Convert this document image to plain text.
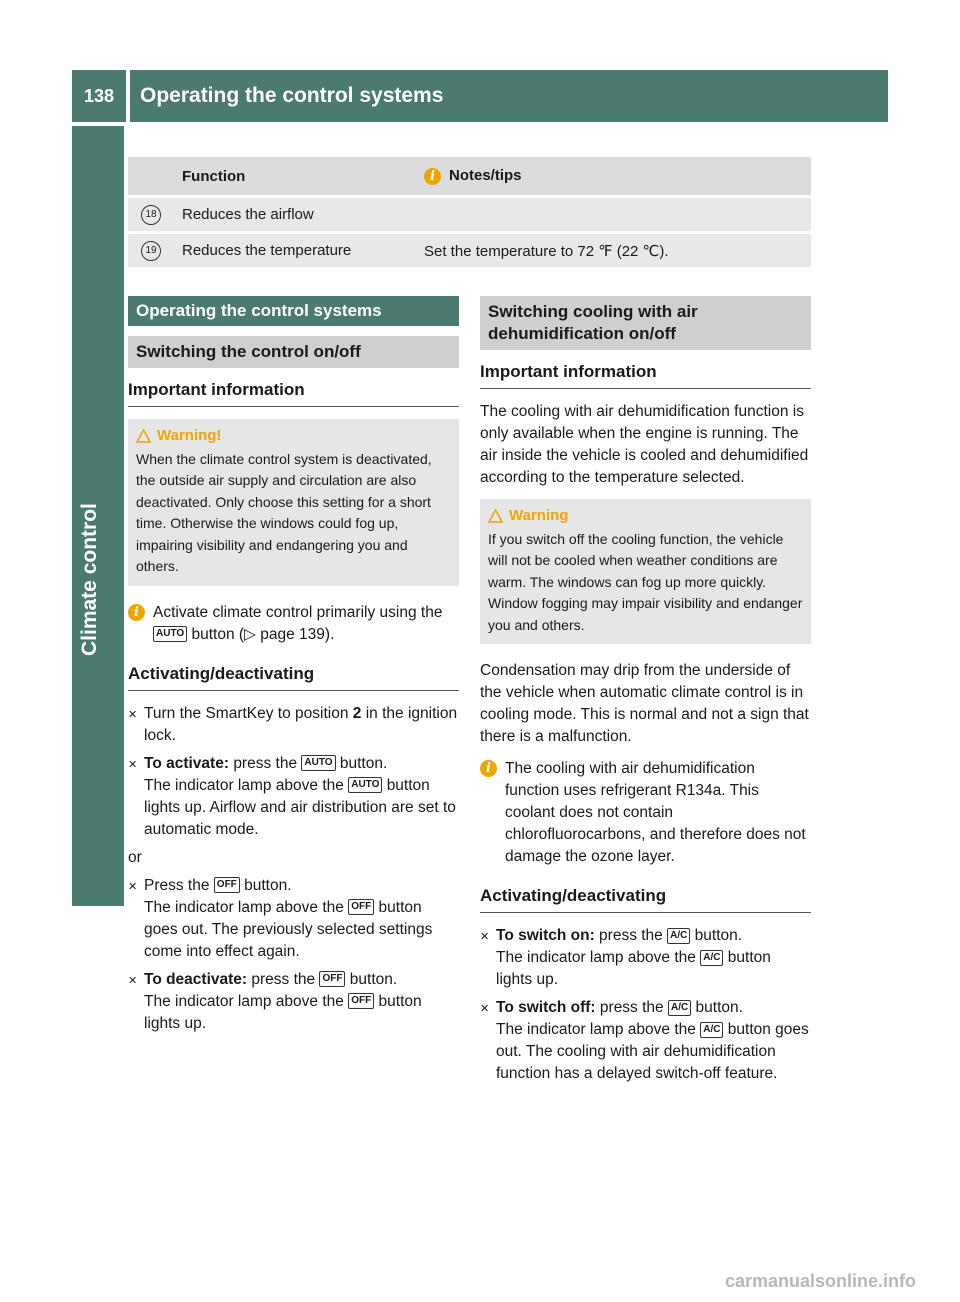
138	Operating the control systems
Climate control
	Function	i Notes/tips
18	Reduces the airflow	
19	Reduces the temperature	Set the temperature to 72 ℉ (22 ℃).
Operating the control systems
Switching the control on/off
Important information
Warning!
When the climate control system is deactivated, the outside air supply and circulation are also deactivated. Only choose this setting for a short time. Otherwise the windows could fog up, impairing visibility and endangering you and others.
i Activate climate control primarily using the AUTO button (▷ page 139).
Activating/deactivating
✕ Turn the SmartKey to position 2 in the ignition lock.
✕ To activate: press the AUTO button.
The indicator lamp above the AUTO button lights up. Airflow and air distribution are set to automatic mode.
or
✕ Press the OFF button.
The indicator lamp above the OFF button goes out. The previously selected settings come into effect again.
✕ To deactivate: press the OFF button.
The indicator lamp above the OFF button lights up.
Switching cooling with air dehumidification on/off
Important information

The cooling with air dehumidification function is only available when the engine is running. The air inside the vehicle is cooled and dehumidified according to the temperature selected.

Warning
If you switch off the cooling function, the vehicle will not be cooled when weather conditions are warm. The windows can fog up more quickly. Window fogging may impair visibility and endanger you and others.

Condensation may drip from the underside of the vehicle when automatic climate control is in cooling mode. This is normal and not a sign that there is a malfunction.

i The cooling with air dehumidification function uses refrigerant R134a. This coolant does not contain chlorofluorocarbons, and therefore does not damage the ozone layer.
Activating/deactivating
✕ To switch on: press the A/C button.
The indicator lamp above the A/C button lights up.
✕ To switch off: press the A/C button.
The indicator lamp above the A/C button goes out. The cooling with air dehumidification function has a delayed switch-off feature.
carmanualsonline.info
